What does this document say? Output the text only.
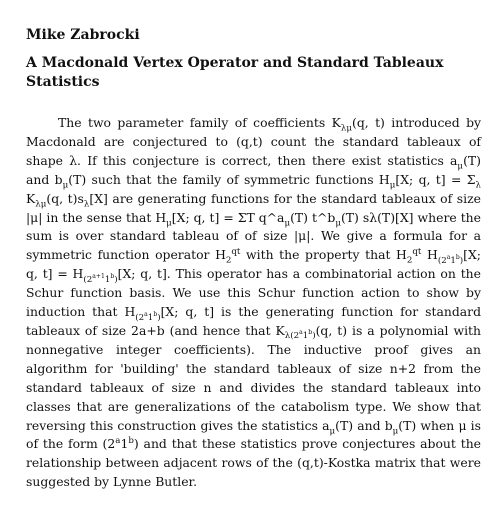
Mike Zabrocki
A Macdonald Vertex Operator and Standard Tableaux Statistics

The two parameter family of coefficients $K_{\lambda\mu}(q$, t) introduced by Macdonald are conjectured to (q,t) count the standard tableaux of shape λ. If this conjecture is correct, then there exist statistics $a_\mu(T)$ and $b_\mu(T)$ such that the family of symmetric functions $H_\mu[X$; q, $t] = \Sigma_\lambda$ $K_{\lambda\mu}(q$, $t)s_\lambda[X]$ are generating functions for the standard tableaux of size |μ| in the sense that $H_\mu[X$; q, t] = ΣT $q\^{}a_\mu(T)$ $t\^{}b_\mu(T)$ sλ(T)[X] where the sum is over standard tableau of of size |μ|. We give a formula for a symmetric function operator $H_2^{qt}$ with the property that $H_2^{qt}$ $H_{(2^a1^b)}[X$; q, $t] = H_{(2^{a+1}1^b)}[X$; q, t]. This operator has a combinatorial action on the Schur function basis. We use this Schur function action to show by induction that $H_{(2^a1^b)}[X$; q, t] is the generating function for standard tableaux of size 2a+b (and hence that $K_{\lambda(2^a1^b)}(q$, t) is a polynomial with nonnegative integer coefficients). The inductive proof gives an algorithm for 'building' the standard tableaux of size n+2 from the standard tableaux of size n and divides the standard tableaux into classes that are generalizations of the catabolism type. We show that reversing this construction gives the statistics $a_\mu(T)$ and $b_\mu(T)$ when μ is of the form (2$^a$1$^b$) and that these statistics prove conjectures about the relationship between adjacent rows of the (q,t)-Kostka matrix that were suggested by Lynne Butler.
